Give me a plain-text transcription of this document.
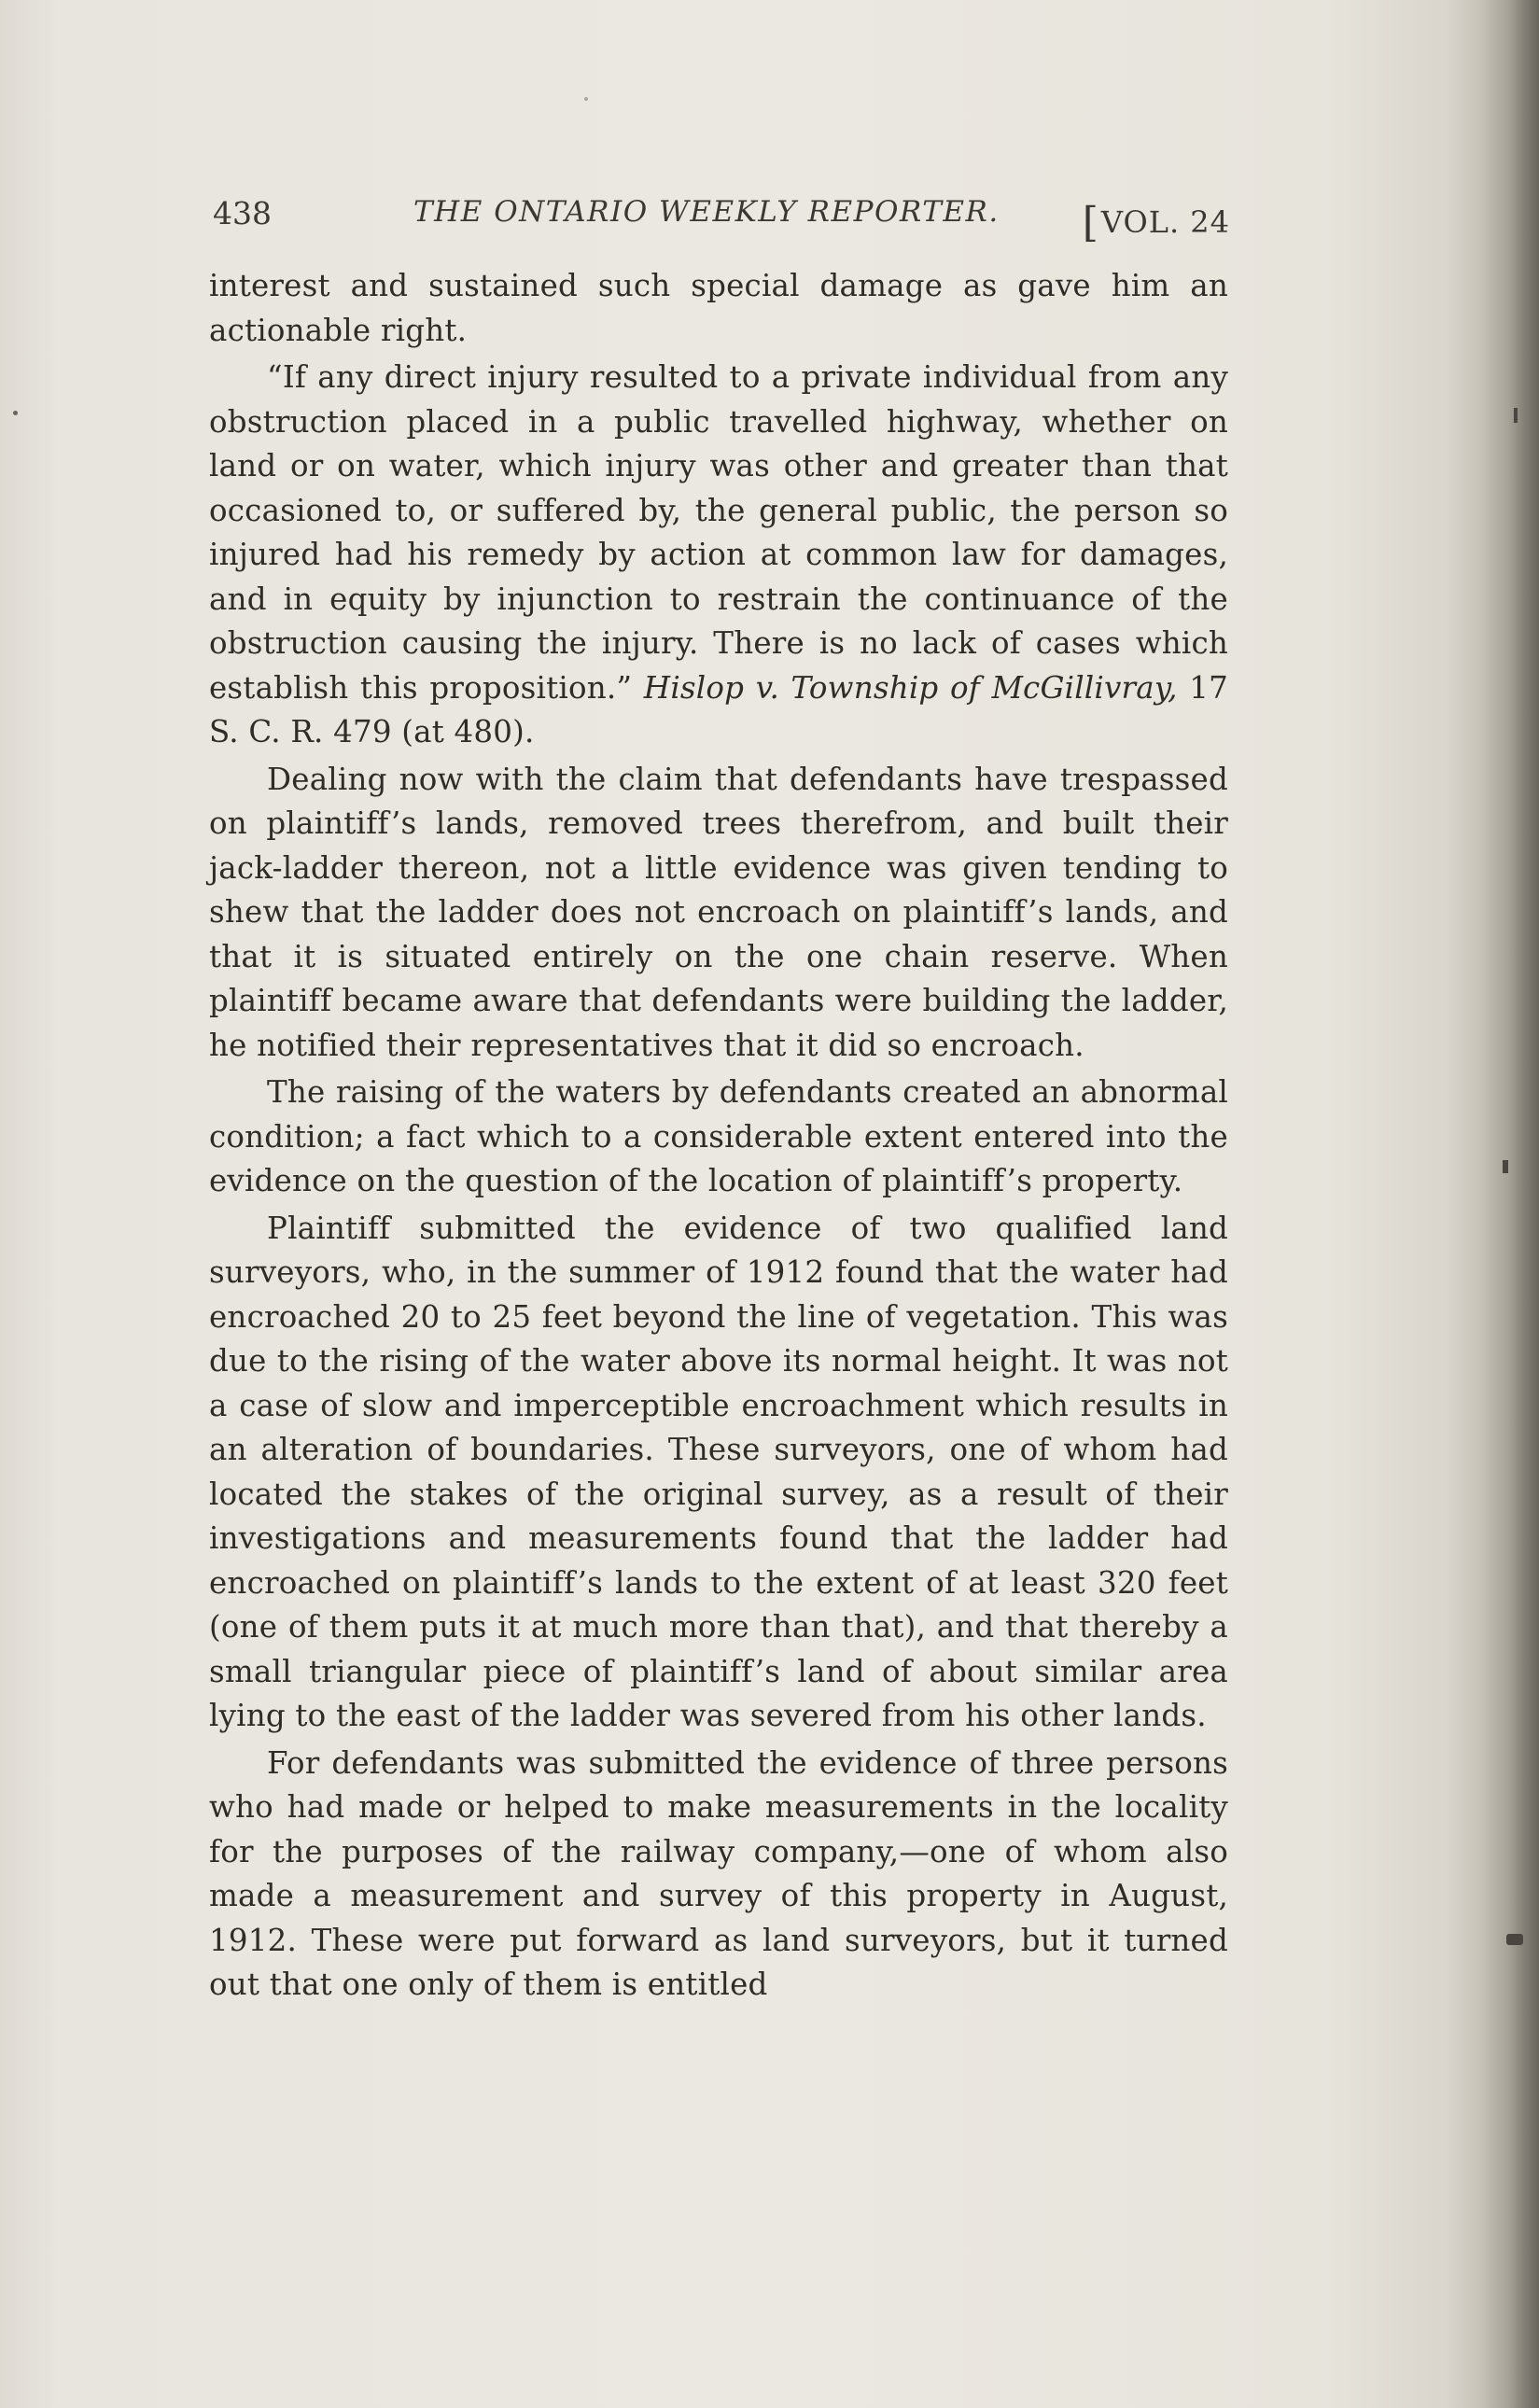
438	THE ONTARIO WEEKLY REPORTER. [VOL. 24

interest and sustained such special damage as gave him an actionable right.

“If any direct injury resulted to a private individual from any obstruction placed in a public travelled highway, whether on land or on water, which injury was other and greater than that occasioned to, or suffered by, the general public, the person so injured had his remedy by action at common law for damages, and in equity by injunction to restrain the continuance of the obstruction causing the injury. There is no lack of cases which establish this proposition.” Hislop v. Township of McGillivray, 17 S. C. R. 479 (at 480).

Dealing now with the claim that defendants have trespassed on plaintiff’s lands, removed trees therefrom, and built their jack-ladder thereon, not a little evidence was given tending to shew that the ladder does not encroach on plaintiff’s lands, and that it is situated entirely on the one chain reserve. When plaintiff became aware that defendants were building the ladder, he notified their representatives that it did so encroach.

The raising of the waters by defendants created an abnormal condition; a fact which to a considerable extent entered into the evidence on the question of the location of plaintiff’s property.

Plaintiff submitted the evidence of two qualified land surveyors, who, in the summer of 1912 found that the water had encroached 20 to 25 feet beyond the line of vegetation. This was due to the rising of the water above its normal height. It was not a case of slow and imperceptible encroachment which results in an alteration of boundaries. These surveyors, one of whom had located the stakes of the original survey, as a result of their investigations and measurements found that the ladder had encroached on plaintiff’s lands to the extent of at least 320 feet (one of them puts it at much more than that), and that thereby a small triangular piece of plaintiff’s land of about similar area lying to the east of the ladder was severed from his other lands.

For defendants was submitted the evidence of three persons who had made or helped to make measurements in the locality for the purposes of the railway company,—one of whom also made a measurement and survey of this property in August, 1912. These were put forward as land surveyors, but it turned out that one only of them is entitled
